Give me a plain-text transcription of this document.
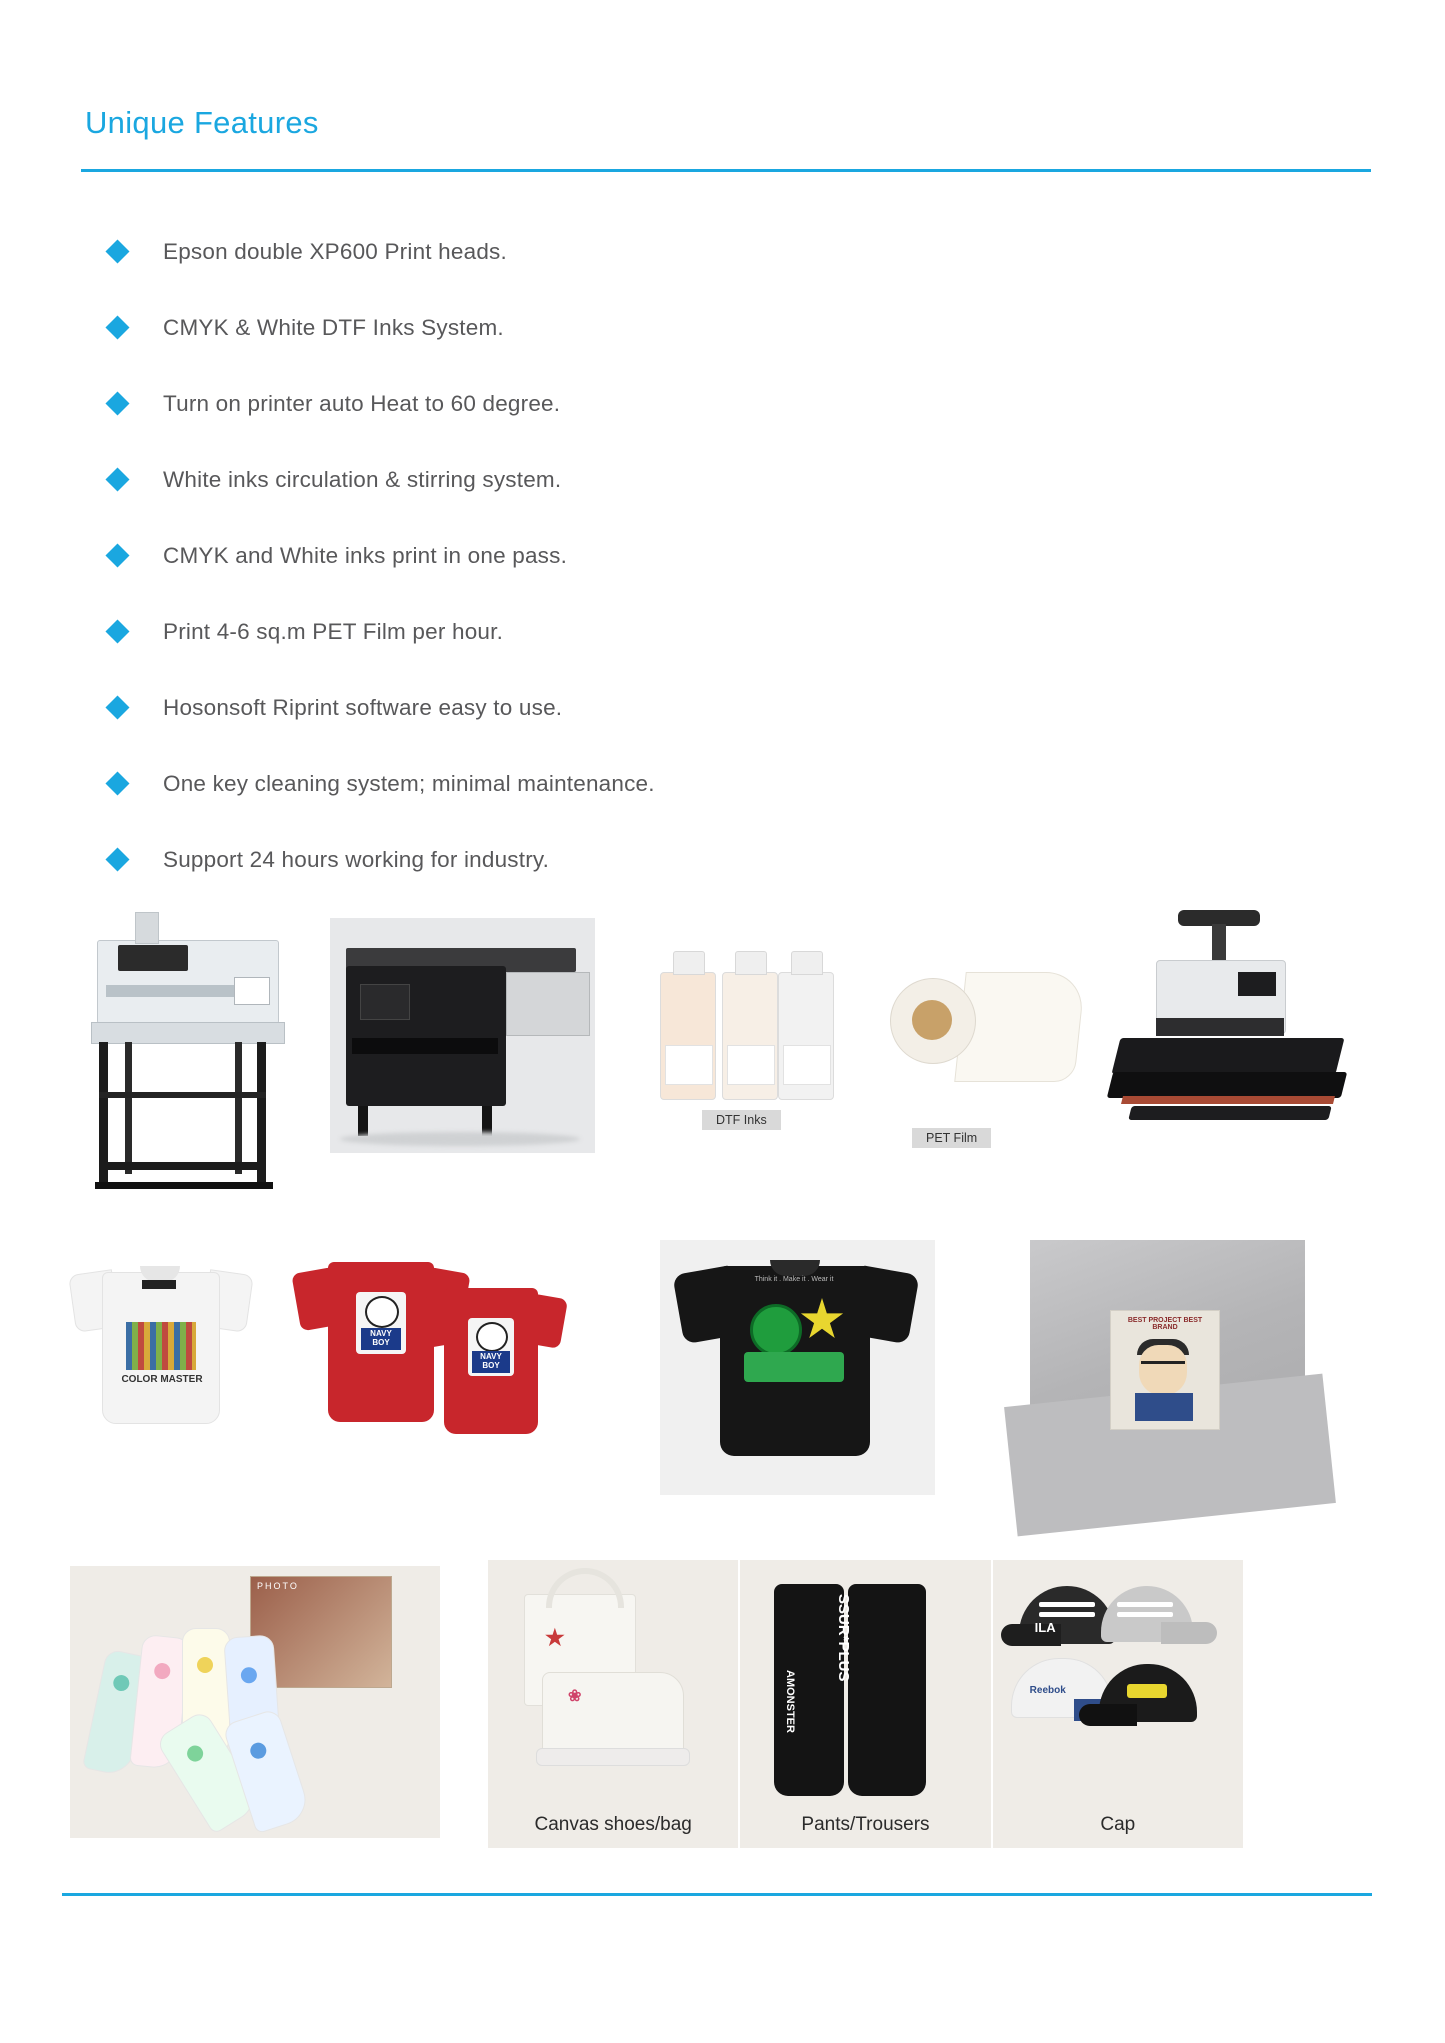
Unique Features
Epson double XP600 Print heads.
CMYK & White DTF Inks System.
Turn on printer auto Heat to 60 degree.
White inks circulation & stirring system.
CMYK and White inks print in one pass.
Print 4-6 sq.m PET Film per hour.
Hosonsoft Riprint software easy to use.
One key cleaning system; minimal maintenance.
Support 24 hours working for industry.
DTF Inks
PET Film
COLOR MASTER
NAVY BOY
NAVY BOY
Think it . Make it . Wear it
BEST PROJECT BEST BRAND
PHOTO
★
❀
Canvas shoes/bag
SSUR*PLUS
AMONSTER
Pants/Trousers
ILA
Reebok
Cap
